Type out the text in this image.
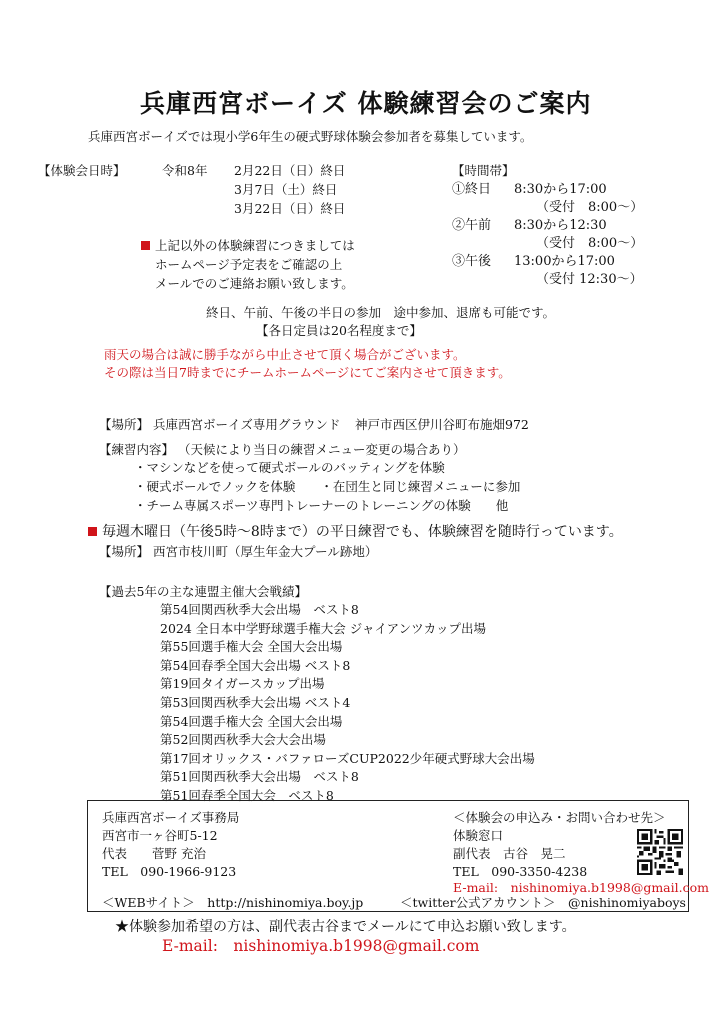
兵庫西宮ボーイズ 体験練習会のご案内
兵庫西宮ボーイズでは現小学6年生の硬式野球体験会参加者を募集しています。
【体験会日時】	令和8年 2月22日（日）終日
3月7日（土）終日
3月22日（日）終日
上記以外の体験練習につきましては
ホームページ予定表をご確認の上
メールでのご連絡お願い致します。
【時間帯】
①終日 8:30から17:00
（受付　8:00～）
②午前 8:30から12:30
（受付　8:00～）
③午後 13:00から17:00
（受付 12:30～）
終日、午前、午後の半日の参加　途中参加、退席も可能です。
【各日定員は20名程度まで】
雨天の場合は誠に勝手ながら中止させて頂く場合がございます。
その際は当日7時までにチームホームページにてご案内させて頂きます。
【場所】 兵庫西宮ボーイズ専用グラウンド 神戸市西区伊川谷町布施畑972
【練習内容】 （天候により当日の練習メニュー変更の場合あり）
・マシンなどを使って硬式ボールのバッティングを体験
・硬式ボールでノックを体験　　・在団生と同じ練習メニューに参加
・チーム専属スポーツ専門トレーナーのトレーニングの体験　　他
毎週木曜日（午後5時～8時まで）の平日練習でも、体験練習を随時行っています。
【場所】 西宮市枝川町（厚生年金大プール跡地）
【過去5年の主な連盟主催大会戦績】
第54回関西秋季大会出場　ベスト8
2024 全日本中学野球選手権大会 ジャイアンツカップ出場
第55回選手権大会 全国大会出場
第54回春季全国大会出場 ベスト8
第19回タイガースカップ出場
第53回関西秋季大会出場 ベスト4
第54回選手権大会 全国大会出場
第52回関西秋季大会大会出場
第17回オリックス・バファローズCUP2022少年硬式野球大会出場
第51回関西秋季大会出場　ベスト8
第51回春季全国大会　ベスト8
兵庫西宮ボーイズ事務局
西宮市一ヶ谷町5-12
代表　　菅野 充治
TEL　090-1966-9123
＜体験会の申込み・お問い合わせ先＞
体験窓口
副代表　古谷　晃二
TEL　090-3350-4238
E-mail:　nishinomiya.b1998@gmail.com
＜WEBサイト＞　http://nishinomiya.boy.jp	＜twitter公式アカウント＞　@nishinomiyaboys
★体験参加希望の方は、副代表古谷までメールにて申込お願い致します。
E-mail:　nishinomiya.b1998@gmail.com
